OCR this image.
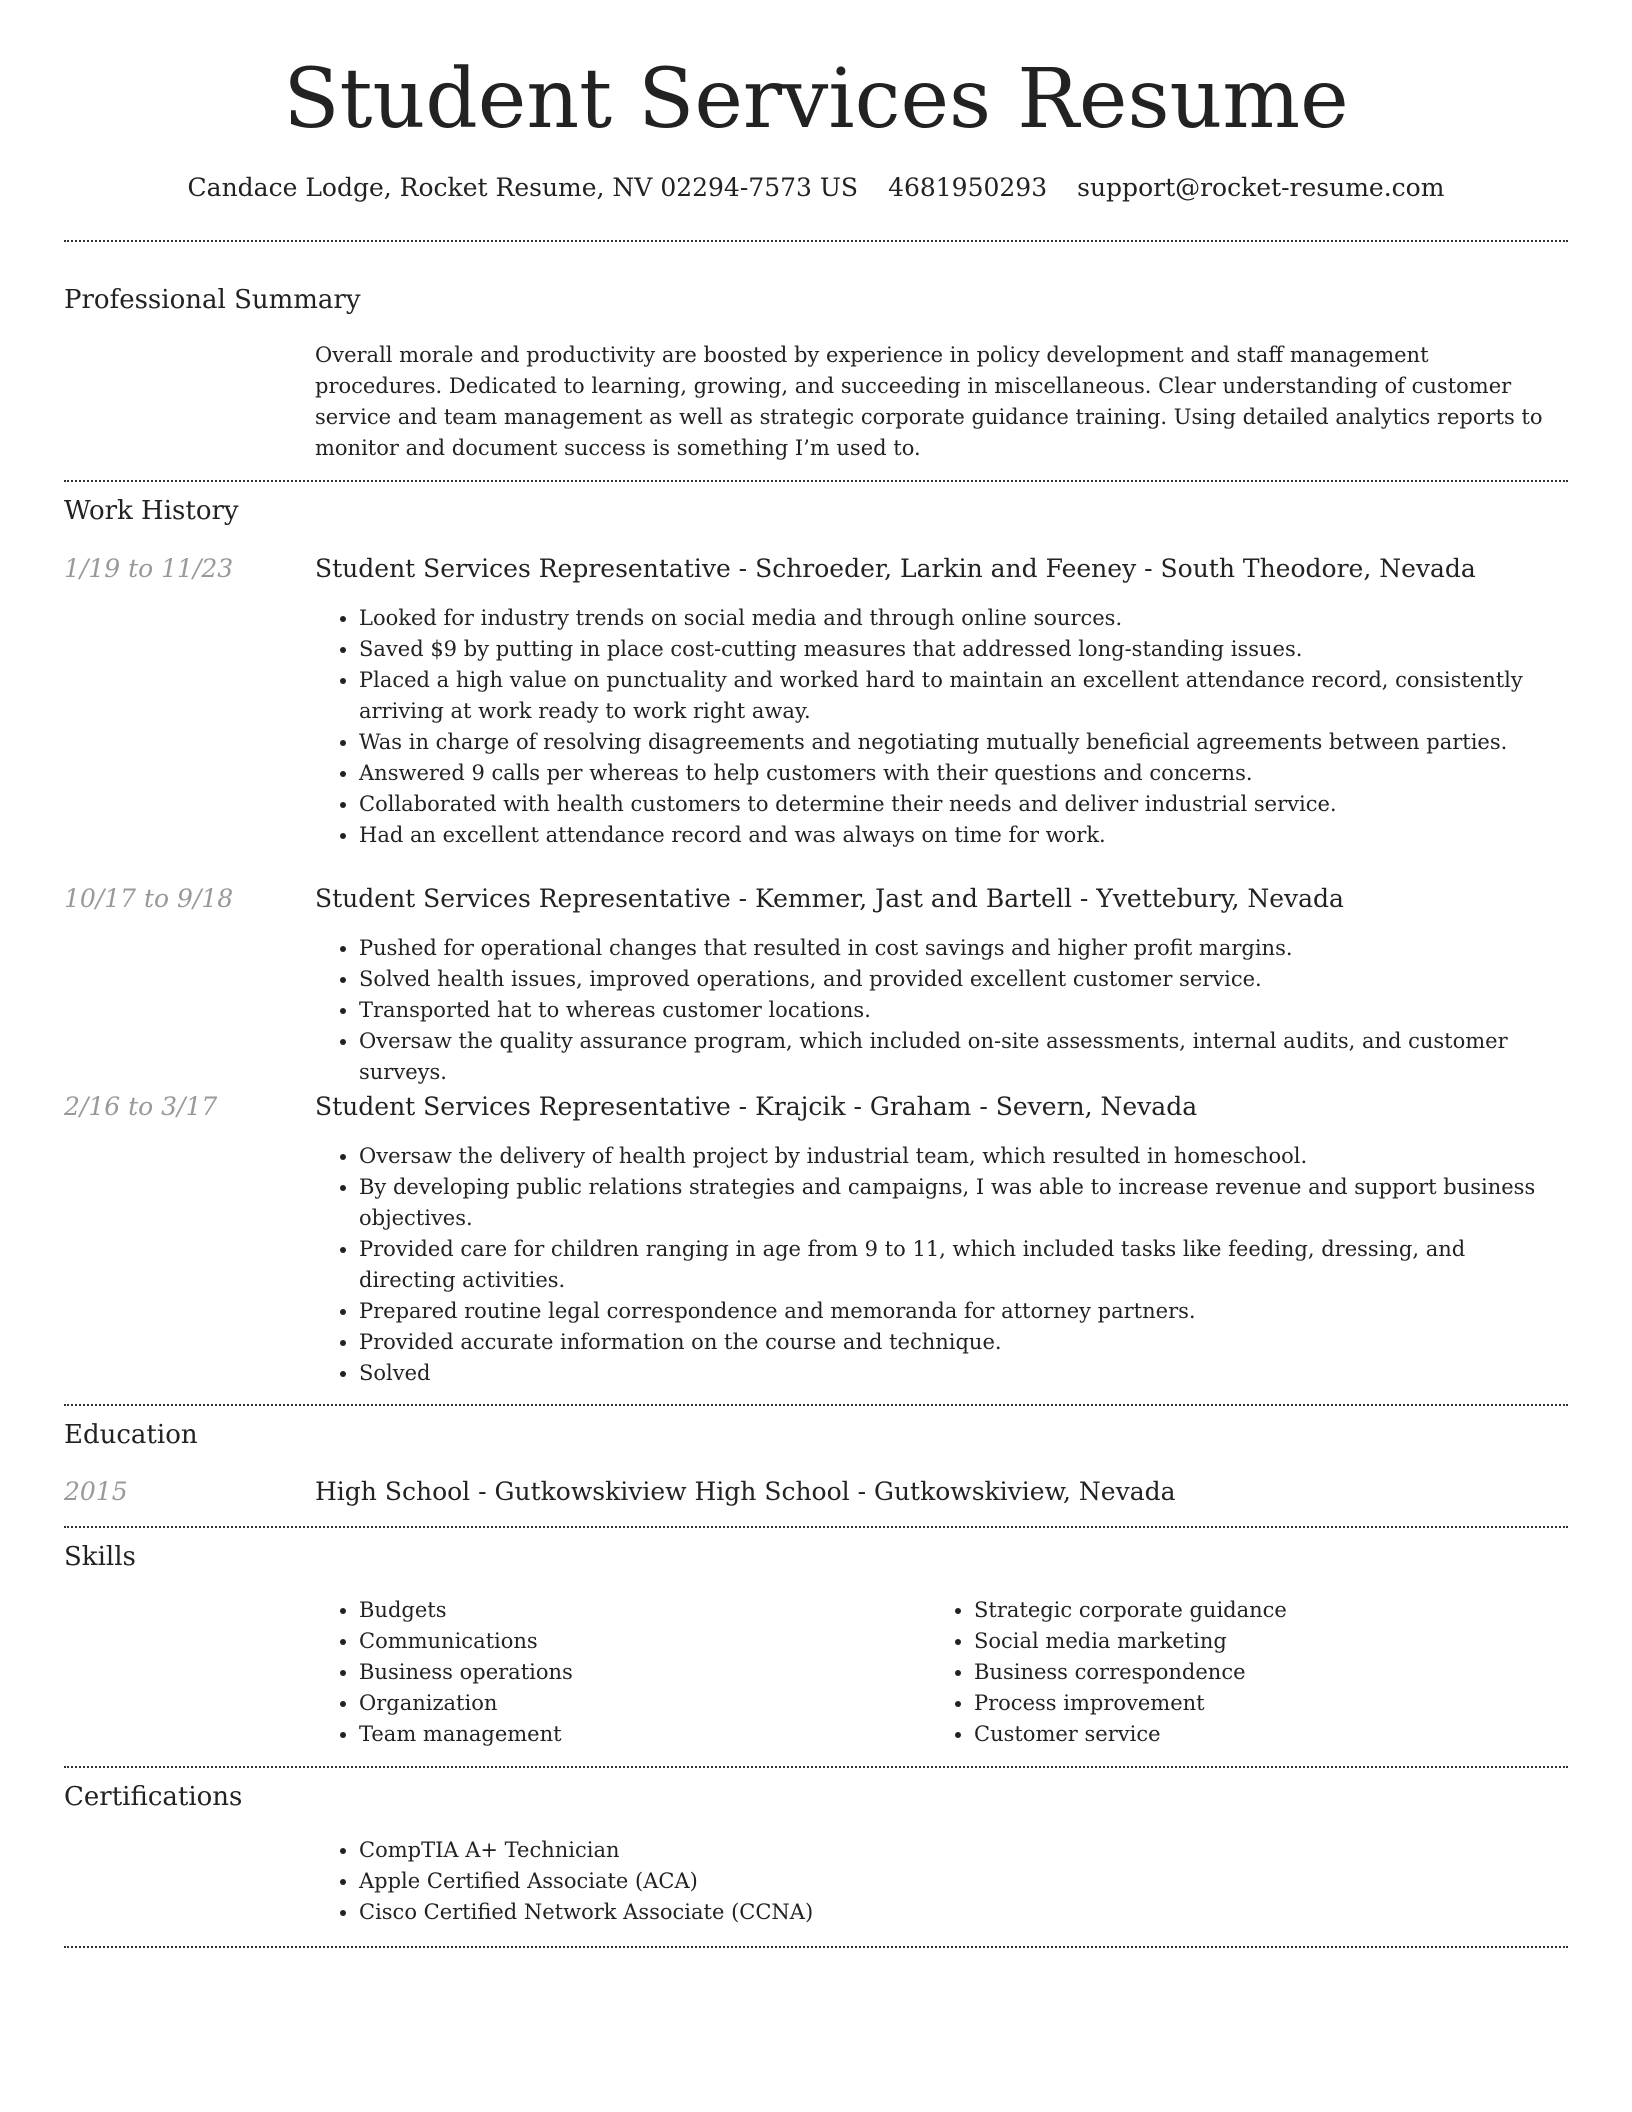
Student Services Resume
Candace Lodge, Rocket Resume, NV 02294-7573 US 4681950293 support@rocket-resume.com
Professional Summary
Overall morale and productivity are boosted by experience in policy development and staff management procedures. Dedicated to learning, growing, and succeeding in miscellaneous. Clear understanding of customer service and team management as well as strategic corporate guidance training. Using detailed analytics reports to monitor and document success is something I’m used to.
Work History
1/19 to 11/23	Student Services Representative - Schroeder, Larkin and Feeney - South Theodore, Nevada
• Looked for industry trends on social media and through online sources.
• Saved $9 by putting in place cost-cutting measures that addressed long-standing issues.
• Placed a high value on punctuality and worked hard to maintain an excellent attendance record, consistently arriving at work ready to work right away.
• Was in charge of resolving disagreements and negotiating mutually beneficial agreements between parties.
• Answered 9 calls per whereas to help customers with their questions and concerns.
• Collaborated with health customers to determine their needs and deliver industrial service.
• Had an excellent attendance record and was always on time for work.
10/17 to 9/18	Student Services Representative - Kemmer, Jast and Bartell - Yvettebury, Nevada
• Pushed for operational changes that resulted in cost savings and higher profit margins.
• Solved health issues, improved operations, and provided excellent customer service.
• Transported hat to whereas customer locations.
• Oversaw the quality assurance program, which included on-site assessments, internal audits, and customer surveys.
2/16 to 3/17	Student Services Representative - Krajcik - Graham - Severn, Nevada
• Oversaw the delivery of health project by industrial team, which resulted in homeschool.
• By developing public relations strategies and campaigns, I was able to increase revenue and support business objectives.
• Provided care for children ranging in age from 9 to 11, which included tasks like feeding, dressing, and directing activities.
• Prepared routine legal correspondence and memoranda for attorney partners.
• Provided accurate information on the course and technique.
• Solved
Education
2015	High School - Gutkowskiview High School - Gutkowskiview, Nevada
Skills
• Budgets
• Communications
• Business operations
• Organization
• Team management
• Strategic corporate guidance
• Social media marketing
• Business correspondence
• Process improvement
• Customer service
Certifications
• CompTIA A+ Technician
• Apple Certified Associate (ACA)
• Cisco Certified Network Associate (CCNA)
